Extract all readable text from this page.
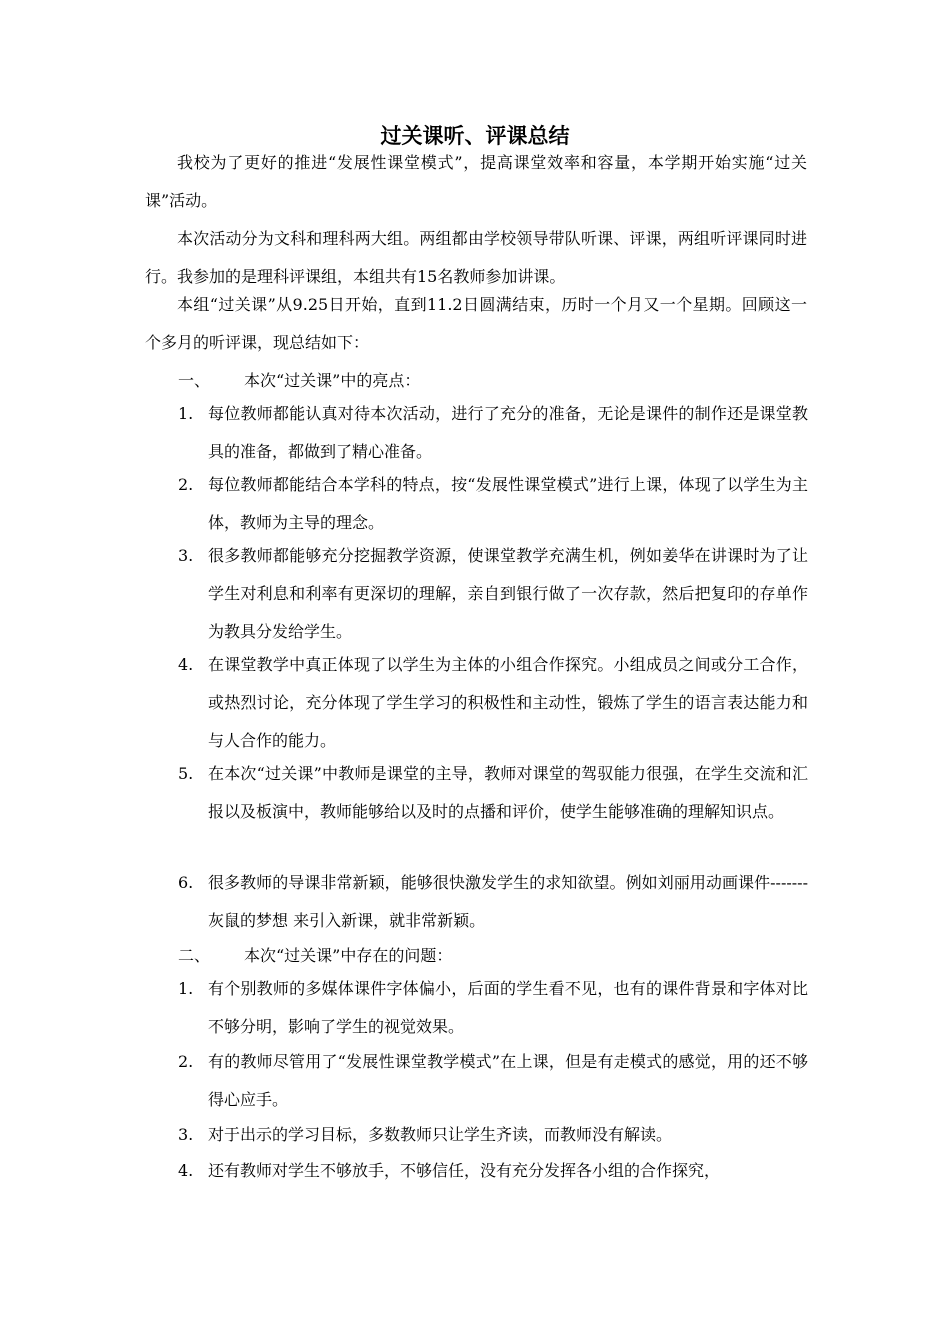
过关课听、评课总结

我校为了更好的推进“发展性课堂模式”，提高课堂效率和容量，本学期开始实施“过关课”活动。

本次活动分为文科和理科两大组。两组都由学校领导带队听课、评课，两组听评课同时进行。我参加的是理科评课组，本组共有15名教师参加讲课。

本组“过关课”从9.25日开始，直到11.2日圆满结束，历时一个月又一个星期。回顾这一个多月的听评课，现总结如下：

一、 本次“过关课”中的亮点：
1. 每位教师都能认真对待本次活动，进行了充分的准备，无论是课件的制作还是课堂教具的准备，都做到了精心准备。
2. 每位教师都能结合本学科的特点，按“发展性课堂模式”进行上课，体现了以学生为主体，教师为主导的理念。
3. 很多教师都能够充分挖掘教学资源，使课堂教学充满生机，例如姜华在讲课时为了让学生对利息和利率有更深切的理解，亲自到银行做了一次存款，然后把复印的存单作为教具分发给学生。
4. 在课堂教学中真正体现了以学生为主体的小组合作探究。小组成员之间或分工合作，或热烈讨论，充分体现了学生学习的积极性和主动性，锻炼了学生的语言表达能力和与人合作的能力。
5. 在本次“过关课”中教师是课堂的主导，教师对课堂的驾驭能力很强，在学生交流和汇报以及板演中，教师能够给以及时的点播和评价，使学生能够准确的理解知识点。
6. 很多教师的导课非常新颖，能够很快激发学生的求知欲望。例如刘丽用动画课件-------灰鼠的梦想 来引入新课，就非常新颖。
二、 本次“过关课”中存在的问题：
1. 有个别教师的多媒体课件字体偏小，后面的学生看不见，也有的课件背景和字体对比不够分明，影响了学生的视觉效果。
2. 有的教师尽管用了“发展性课堂教学模式”在上课，但是有走模式的感觉，用的还不够得心应手。
3. 对于出示的学习目标，多数教师只让学生齐读，而教师没有解读。
4. 还有教师对学生不够放手，不够信任，没有充分发挥各小组的合作探究，
